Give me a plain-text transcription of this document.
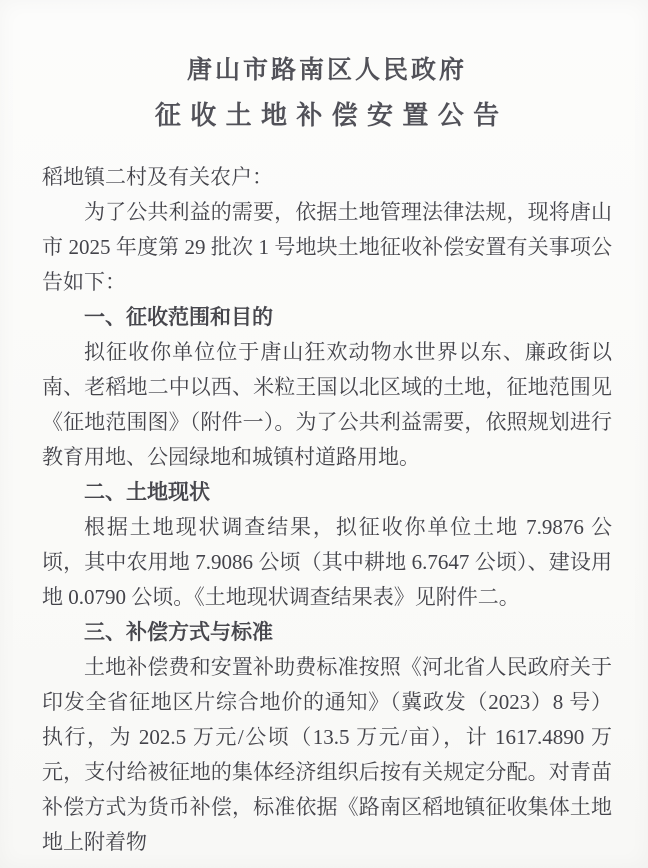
唐山市路南区人民政府
征收土地补偿安置公告

稻地镇二村及有关农户：

为了公共利益的需要，依据土地管理法律法规，现将唐山市 2025 年度第 29 批次 1 号地块土地征收补偿安置有关事项公告如下：

一、征收范围和目的

拟征收你单位位于唐山狂欢动物水世界以东、廉政街以南、老稻地二中以西、米粒王国以北区域的土地，征地范围见《征地范围图》（附件一）。为了公共利益需要，依照规划进行教育用地、公园绿地和城镇村道路用地。

二、土地现状

根据土地现状调查结果，拟征收你单位土地 7.9876 公顷，其中农用地 7.9086 公顷（其中耕地 6.7647 公顷）、建设用地 0.0790 公顷。《土地现状调查结果表》见附件二。

三、补偿方式与标准

土地补偿费和安置补助费标准按照《河北省人民政府关于印发全省征地区片综合地价的通知》（冀政发（2023）8 号）执行，为 202.5 万元/公顷（13.5 万元/亩），计 1617.4890 万元，支付给被征地的集体经济组织后按有关规定分配。对青苗补偿方式为货币补偿，标准依据《路南区稻地镇征收集体土地地上附着物
